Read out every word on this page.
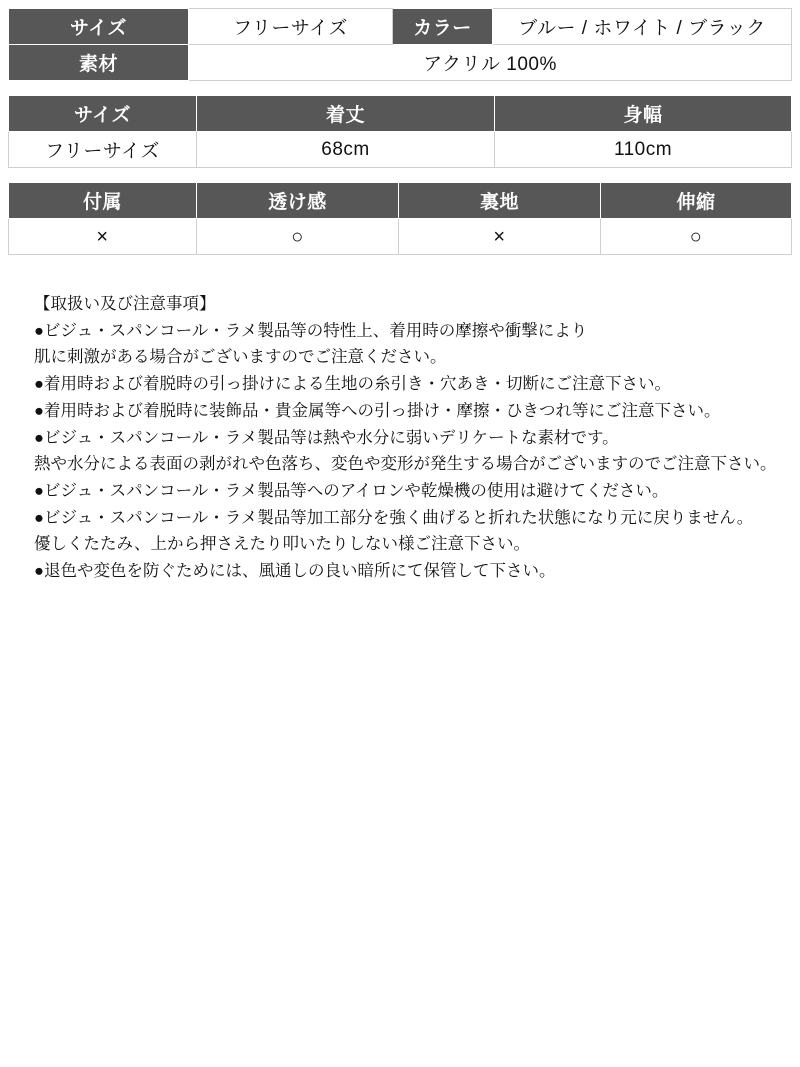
サイズ	フリーサイズ	カラー	ブルー / ホワイト / ブラック
素材	アクリル 100%		
サイズ	着丈	身幅
フリーサイズ	68cm	110cm
付属	透け感	裏地	伸縮
×	○	×	○

【取扱い及び注意事項】

●ビジュ・スパンコール・ラメ製品等の特性上、着用時の摩擦や衝撃により

肌に刺激がある場合がございますのでご注意ください。

●着用時および着脱時の引っ掛けによる生地の糸引き・穴あき・切断にご注意下さい。

●着用時および着脱時に装飾品・貴金属等への引っ掛け・摩擦・ひきつれ等にご注意下さい。

●ビジュ・スパンコール・ラメ製品等は熱や水分に弱いデリケートな素材です。

熱や水分による表面の剥がれや色落ち、変色や変形が発生する場合がございますのでご注意下さい。

●ビジュ・スパンコール・ラメ製品等へのアイロンや乾燥機の使用は避けてください。

●ビジュ・スパンコール・ラメ製品等加工部分を強く曲げると折れた状態になり元に戻りません。

優しくたたみ、上から押さえたり叩いたりしない様ご注意下さい。

●退色や変色を防ぐためには、風通しの良い暗所にて保管して下さい。
